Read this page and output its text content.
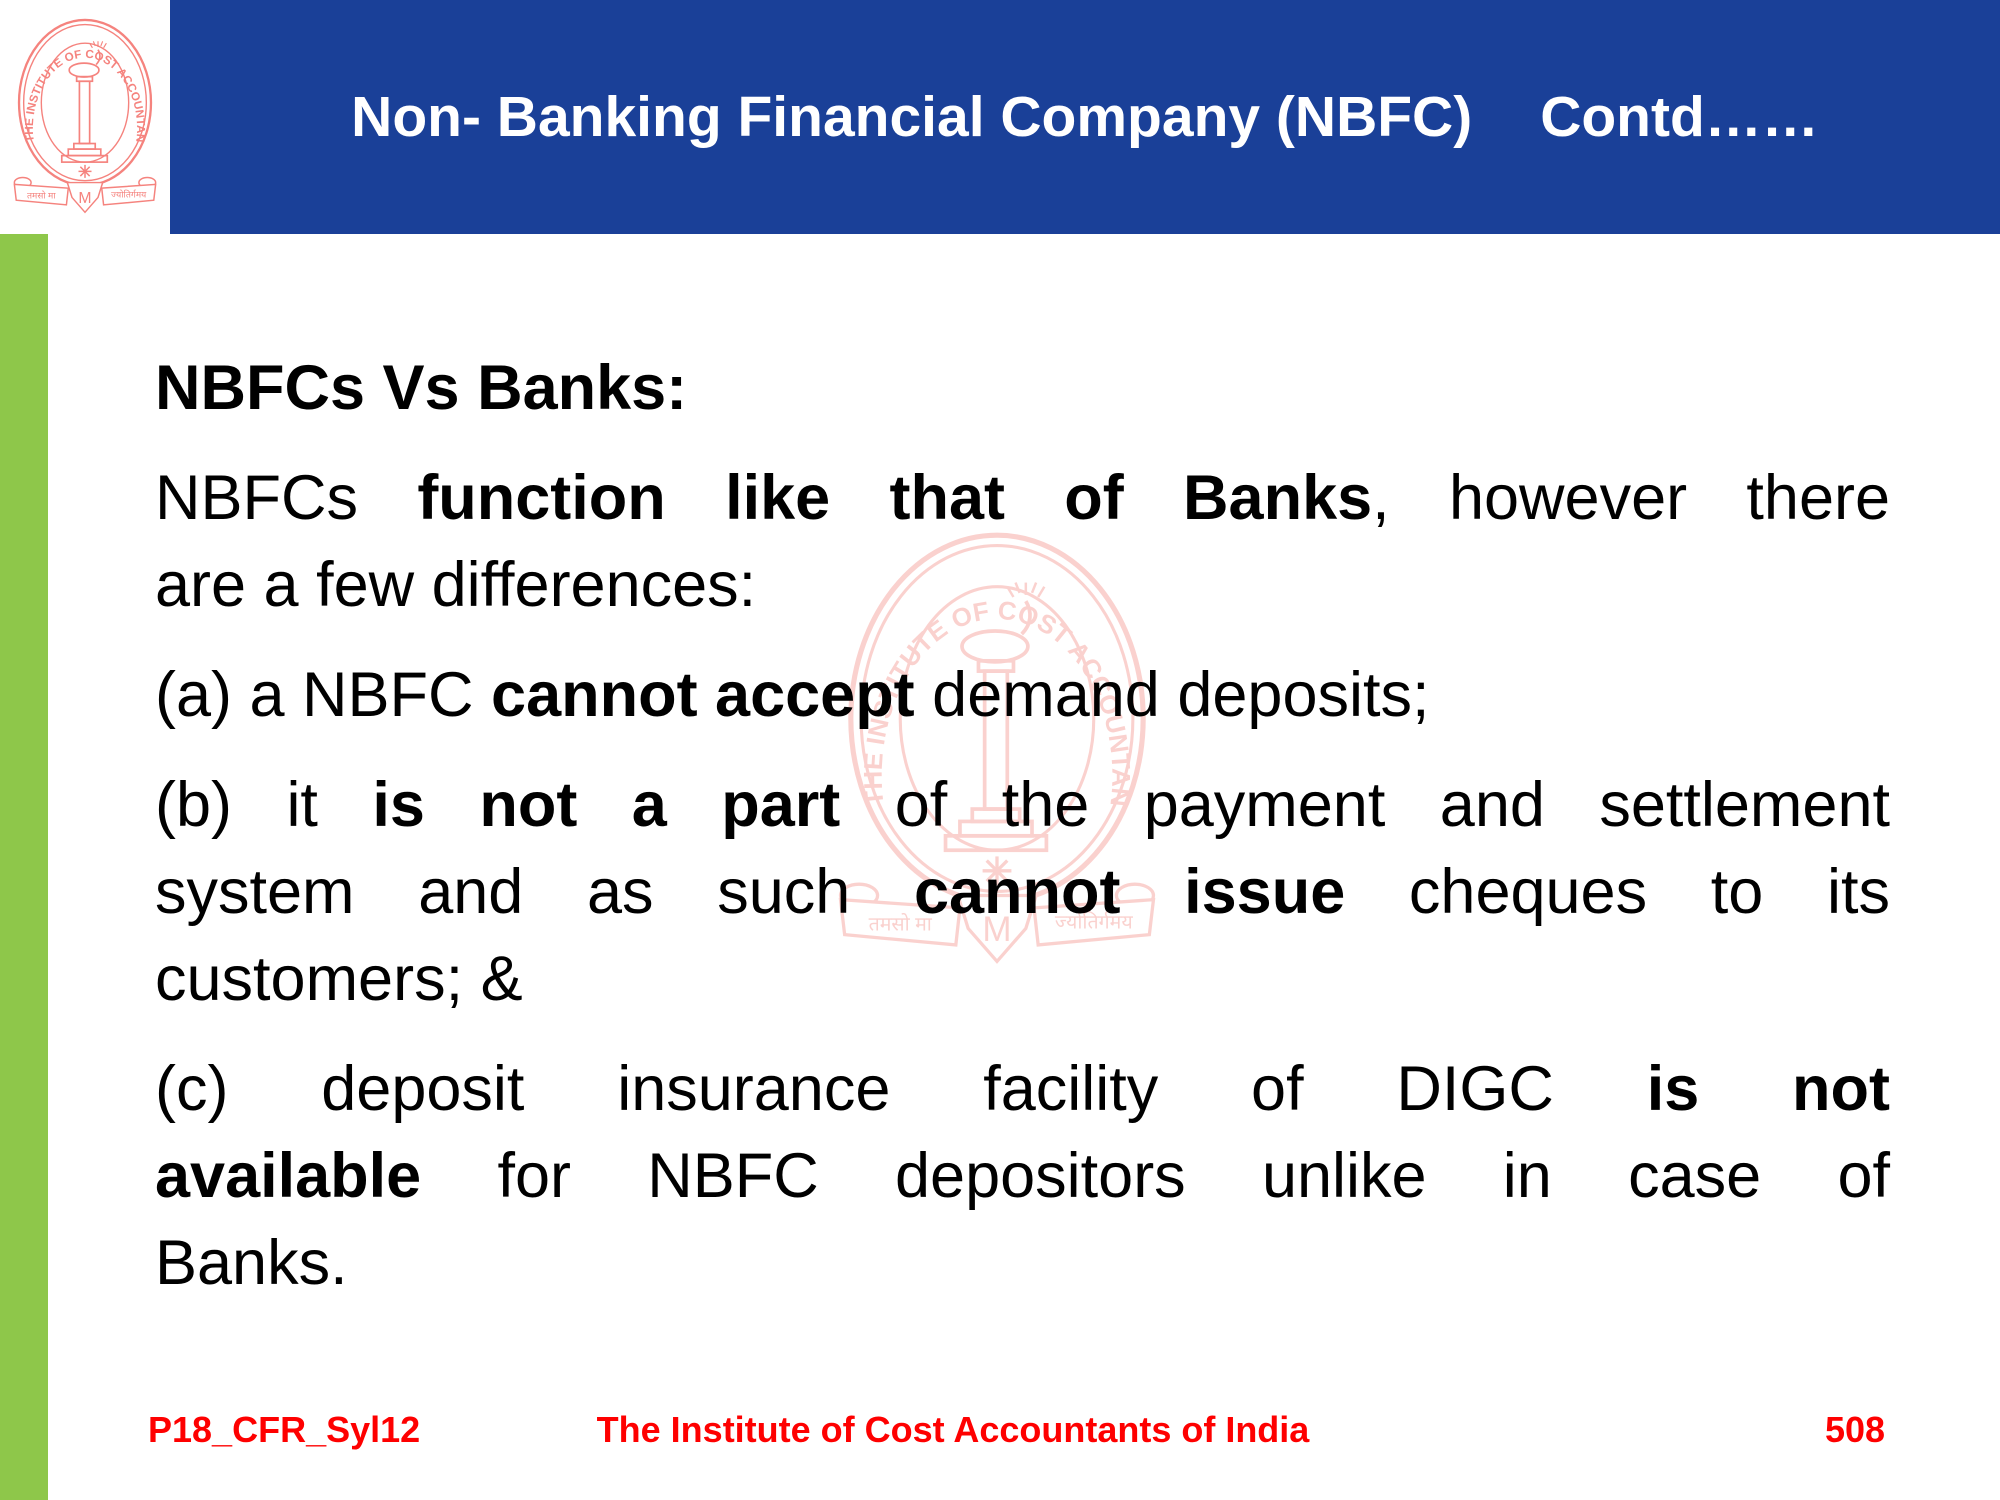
Non- Banking Financial Company (NBFC) Contd……
NBFCs Vs Banks:
NBFCs function like that of Banks, however there
are a few differences:
(a) a NBFC cannot accept demand deposits;
(b) it is not a part of the payment and settlement
system and as such cannot issue cheques to its
customers; &
(c) deposit insurance facility of DIGC is not
available for NBFC depositors unlike in case of
Banks.
P18_CFR_Syl12	The Institute of Cost Accountants of India	508
